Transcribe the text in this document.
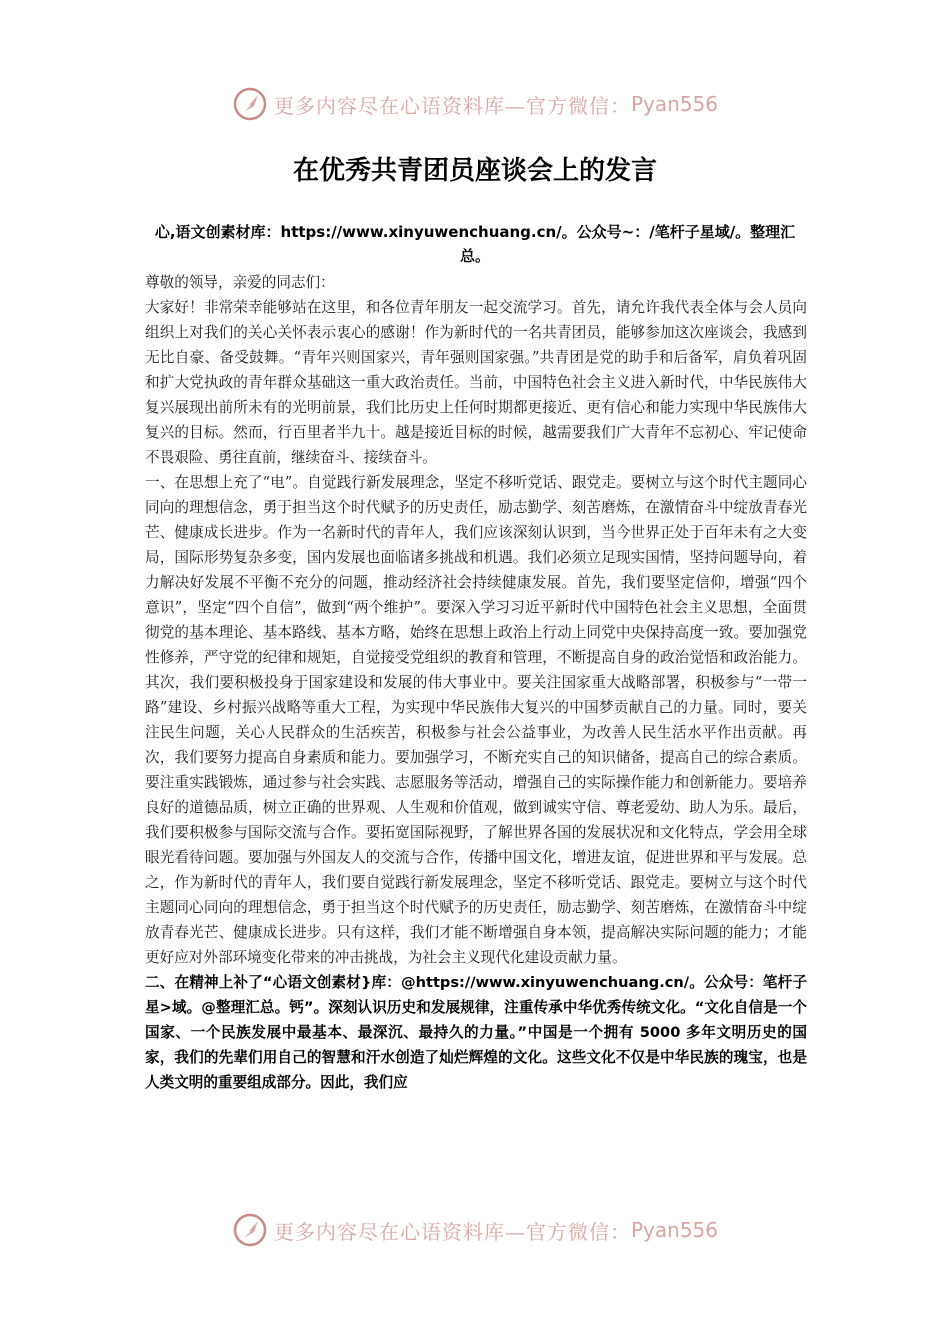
更多内容尽在心语资料库—官方微信： Pyan556
在优秀共青团员座谈会上的发言
心,语文创素材库：https://www.xinyuwenchuang.cn/。公众号~：/笔杆子星域/。整理汇总。

尊敬的领导，亲爱的同志们：

大家好！非常荣幸能够站在这里，和各位青年朋友一起交流学习。首先，请允许我代表全体与会人员向组织上对我们的关心关怀表示衷心的感谢！作为新时代的一名共青团员，能够参加这次座谈会，我感到无比自豪、备受鼓舞。“青年兴则国家兴，青年强则国家强。”共青团是党的助手和后备军，肩负着巩固和扩大党执政的青年群众基础这一重大政治责任。当前，中国特色社会主义进入新时代，中华民族伟大复兴展现出前所未有的光明前景，我们比历史上任何时期都更接近、更有信心和能力实现中华民族伟大复兴的目标。然而，行百里者半九十。越是接近目标的时候，越需要我们广大青年不忘初心、牢记使命不畏艰险、勇往直前，继续奋斗、接续奋斗。

一、在思想上充了“电”。自觉践行新发展理念，坚定不移听党话、跟党走。要树立与这个时代主题同心同向的理想信念，勇于担当这个时代赋予的历史责任，励志勤学、刻苦磨炼，在激情奋斗中绽放青春光芒、健康成长进步。作为一名新时代的青年人，我们应该深刻认识到，当今世界正处于百年未有之大变局，国际形势复杂多变，国内发展也面临诸多挑战和机遇。我们必须立足现实国情，坚持问题导向，着力解决好发展不平衡不充分的问题，推动经济社会持续健康发展。首先，我们要坚定信仰，增强“四个意识”，坚定“四个自信”，做到“两个维护”。要深入学习习近平新时代中国特色社会主义思想，全面贯彻党的基本理论、基本路线、基本方略，始终在思想上政治上行动上同党中央保持高度一致。要加强党性修养，严守党的纪律和规矩，自觉接受党组织的教育和管理，不断提高自身的政治觉悟和政治能力。其次，我们要积极投身于国家建设和发展的伟大事业中。要关注国家重大战略部署，积极参与“一带一路”建设、乡村振兴战略等重大工程，为实现中华民族伟大复兴的中国梦贡献自己的力量。同时，要关注民生问题，关心人民群众的生活疾苦，积极参与社会公益事业，为改善人民生活水平作出贡献。再次，我们要努力提高自身素质和能力。要加强学习，不断充实自己的知识储备，提高自己的综合素质。要注重实践锻炼，通过参与社会实践、志愿服务等活动，增强自己的实际操作能力和创新能力。要培养良好的道德品质，树立正确的世界观、人生观和价值观，做到诚实守信、尊老爱幼、助人为乐。最后，我们要积极参与国际交流与合作。要拓宽国际视野，了解世界各国的发展状况和文化特点，学会用全球眼光看待问题。要加强与外国友人的交流与合作，传播中国文化，增进友谊，促进世界和平与发展。总之，作为新时代的青年人，我们要自觉践行新发展理念，坚定不移听党话、跟党走。要树立与这个时代主题同心同向的理想信念，勇于担当这个时代赋予的历史责任，励志勤学、刻苦磨炼，在激情奋斗中绽放青春光芒、健康成长进步。只有这样，我们才能不断增强自身本领，提高解决实际问题的能力；才能更好应对外部环境变化带来的冲击挑战，为社会主义现代化建设贡献力量。

二、在精神上补了“心语文创素材}库：@https://www.xinyuwenchuang.cn/。公众号：笔杆子星>域。@整理汇总。钙”。深刻认识历史和发展规律，注重传承中华优秀传统文化。“文化自信是一个国家、一个民族发展中最基本、最深沉、最持久的力量。”中国是一个拥有 5000 多年文明历史的国家，我们的先辈们用自己的智慧和汗水创造了灿烂辉煌的文化。这些文化不仅是中华民族的瑰宝，也是人类文明的重要组成部分。因此，我们应

更多内容尽在心语资料库—官方微信： Pyan556
